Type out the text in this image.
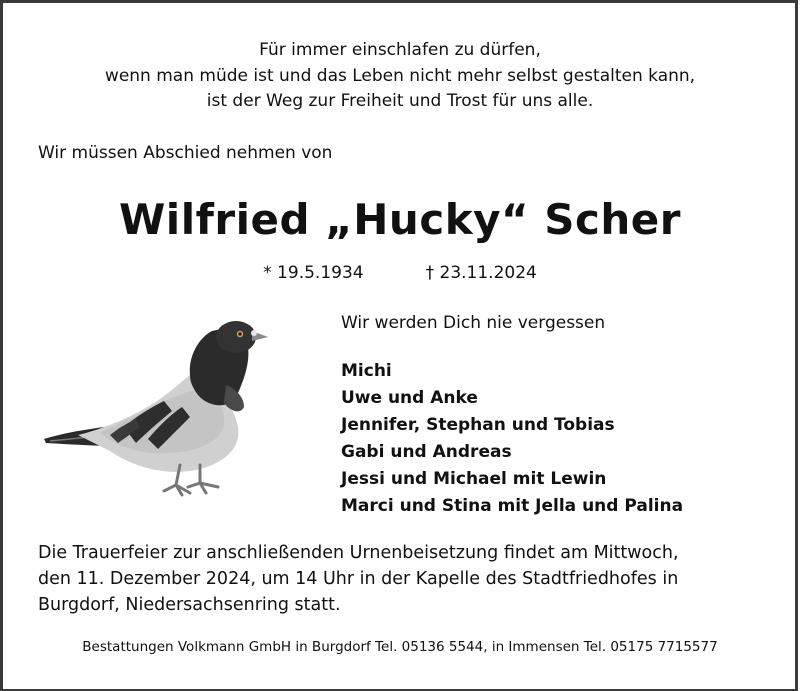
Für immer einschlafen zu dürfen,
wenn man müde ist und das Leben nicht mehr selbst gestalten kann,
ist der Weg zur Freiheit und Trost für uns alle.
Wir müssen Abschied nehmen von
Wilfried „Hucky“ Scher
* 19.5.1934	† 23.11.2024
Wir werden Dich nie vergessen
Michi
Uwe und Anke
Jennifer, Stephan und Tobias
Gabi und Andreas
Jessi und Michael mit Lewin
Marci und Stina mit Jella und Palina
Die Trauerfeier zur anschließenden Urnenbeisetzung findet am Mittwoch,
den 11. Dezember 2024, um 14 Uhr in der Kapelle des Stadtfriedhofes in
Burgdorf, Niedersachsenring statt.
Bestattungen Volkmann GmbH in Burgdorf Tel. 05136 5544, in Immensen Tel. 05175 7715577
